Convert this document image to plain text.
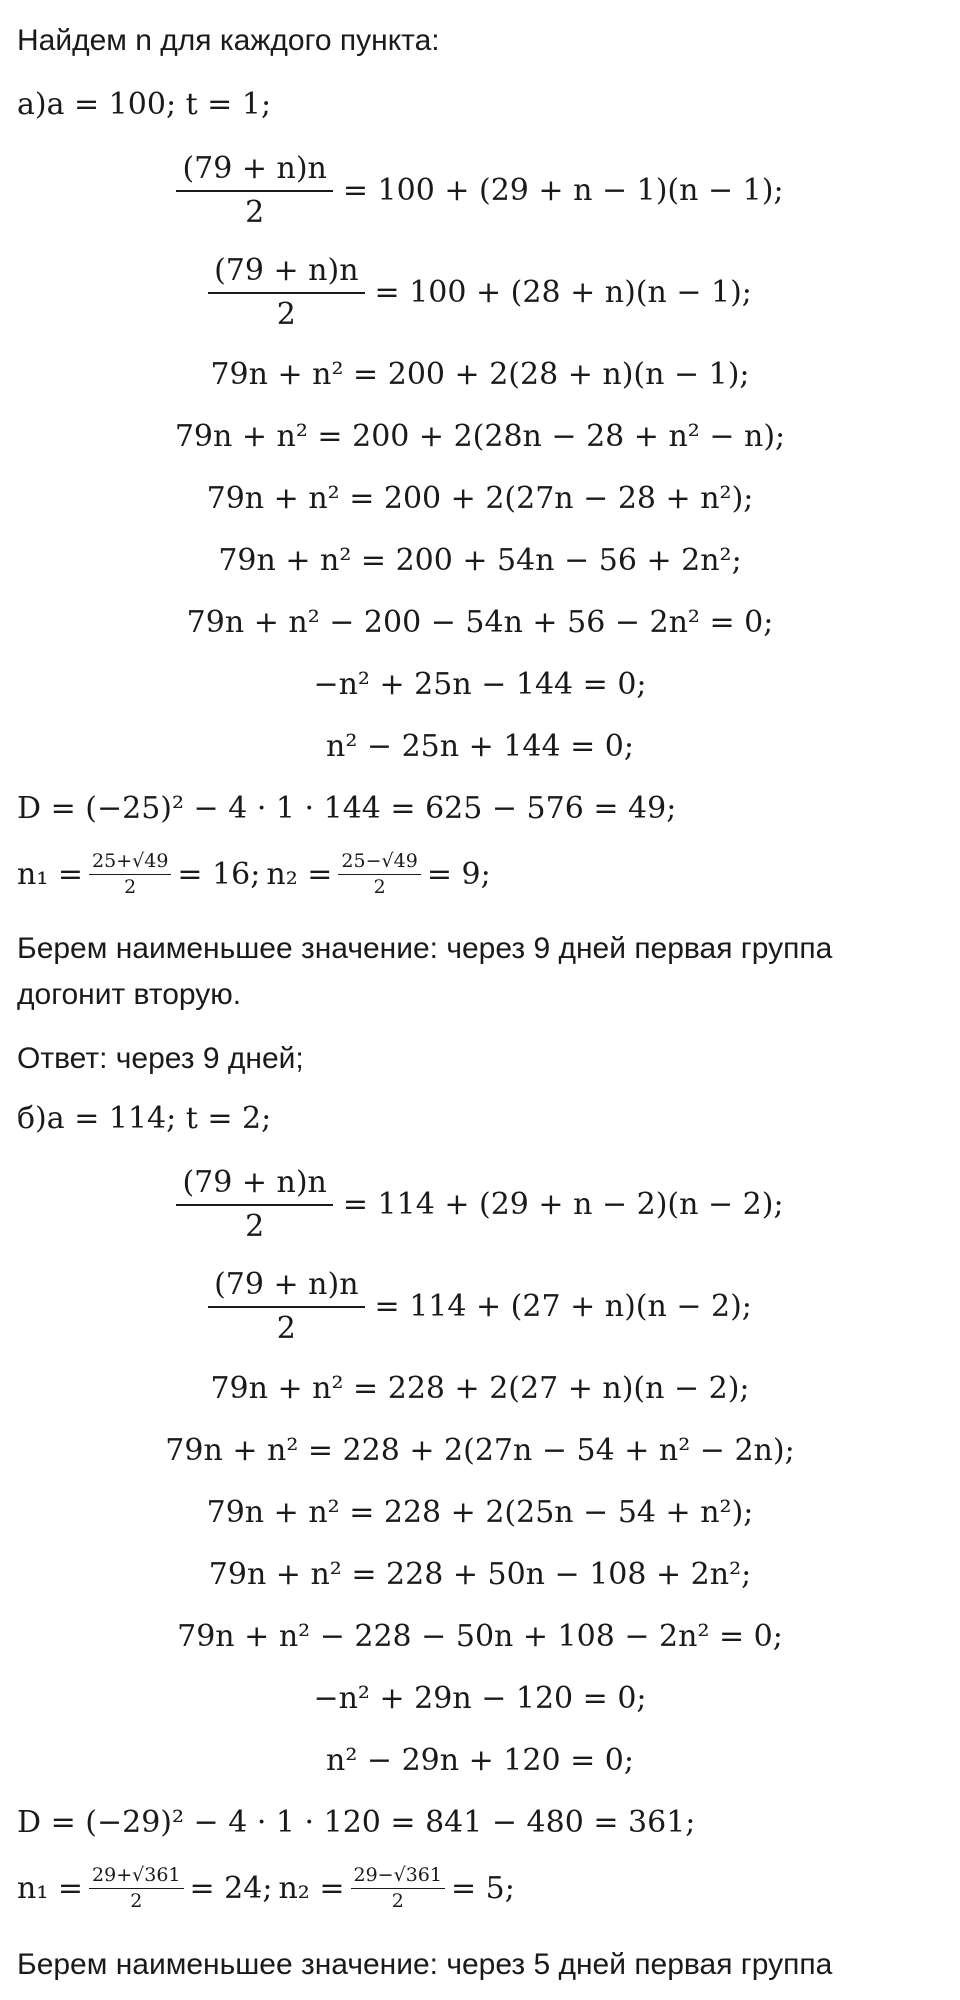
Найдем n для каждого пункта:
а)a = 100; t = 1;
$\frac{(79 + n)n}{2} = 100 + (29 + n - 1)(n - 1)$;
$\frac{(79 + n)n}{2} = 100 + (28 + n)(n - 1)$;
79n + n² = 200 + 2(28 + n)(n − 1);
79n + n² = 200 + 2(28n − 28 + n² − n);
79n + n² = 200 + 2(27n − 28 + n²);
79n + n² = 200 + 54n − 56 + 2n²;
79n + n² − 200 − 54n + 56 − 2n² = 0;
−n² + 25n − 144 = 0;
n² − 25n + 144 = 0;
D = (−25)² − 4 · 1 · 144 = 625 − 576 = 49;
$n_1 = \frac{25+√49}{2} = 16$; $n_2 = \frac{25-√49}{2} = 9$;
Берем наименьшее значение: через 9 дней первая группа
догонит вторую.
Ответ: через 9 дней;
б)a = 114; t = 2;
$\frac{(79 + n)n}{2} = 114 + (29 + n - 2)(n - 2)$;
$\frac{(79 + n)n}{2} = 114 + (27 + n)(n - 2)$;
79n + n² = 228 + 2(27 + n)(n − 2);
79n + n² = 228 + 2(27n − 54 + n² − 2n);
79n + n² = 228 + 2(25n − 54 + n²);
79n + n² = 228 + 50n − 108 + 2n²;
79n + n² − 228 − 50n + 108 − 2n² = 0;
−n² + 29n − 120 = 0;
n² − 29n + 120 = 0;
D = (−29)² − 4 · 1 · 120 = 841 − 480 = 361;
$n_1 = \frac{29+√361}{2} = 24$; $n_2 = \frac{29-√361}{2} = 5$;
Берем наименьшее значение: через 5 дней первая группа
